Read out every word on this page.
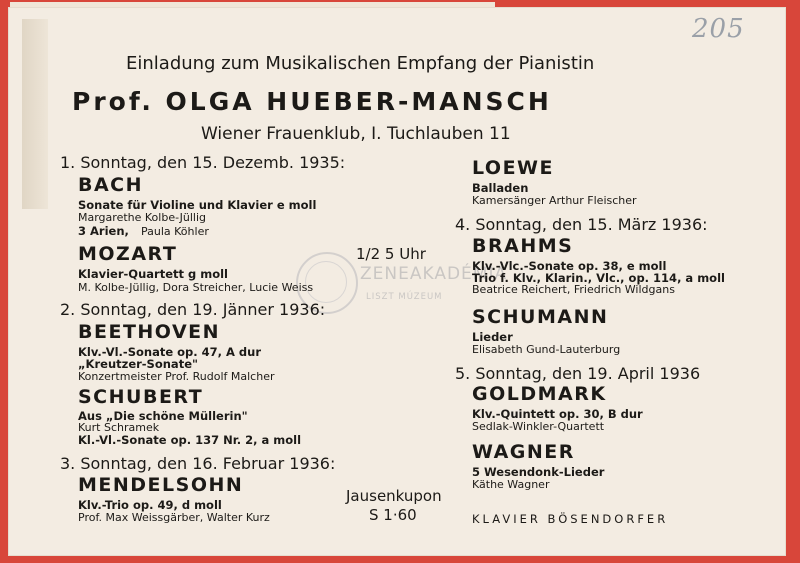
205
Einladung zum Musikalischen Empfang der Pianistin
Prof. OLGA HUEBER-MANSCH
Wiener Frauenklub, I. Tuchlauben 11
ZENEAKADÉMIA
LISZT MÚZEUM
1. Sonntag, den 15. Dezemb. 1935:
BACH
Sonate für Violine und Klavier e moll
Margarethe Kolbe-Jüllig
3 Arien, Paula Köhler
MOZART
Klavier-Quartett g moll
M. Kolbe-Jüllig, Dora Streicher, Lucie Weiss
2. Sonntag, den 19. Jänner 1936:
BEETHOVEN
Klv.-Vl.-Sonate op. 47, A dur
„Kreutzer-Sonate"
Konzertmeister Prof. Rudolf Malcher
SCHUBERT
Aus „Die schöne Müllerin"
Kurt Schramek
Kl.-Vl.-Sonate op. 137 Nr. 2, a moll
3. Sonntag, den 16. Februar 1936:
MENDELSOHN
Klv.-Trio op. 49, d moll
Prof. Max Weissgärber, Walter Kurz
1/2 5 Uhr
Jausenkupon
S 1·60
LOEWE
Balladen
Kamersänger Arthur Fleischer
4. Sonntag, den 15. März 1936:
BRAHMS
Klv.-Vlc.-Sonate op. 38, e moll
Trio f. Klv., Klarin., Vlc., op. 114, a moll
Beatrice Reichert, Friedrich Wildgans
SCHUMANN
Lieder
Elisabeth Gund-Lauterburg
5. Sonntag, den 19. April 1936
GOLDMARK
Klv.-Quintett op. 30, B dur
Sedlak-Winkler-Quartett
WAGNER
5 Wesendonk-Lieder
Käthe Wagner
KLAVIER BÖSENDORFER
